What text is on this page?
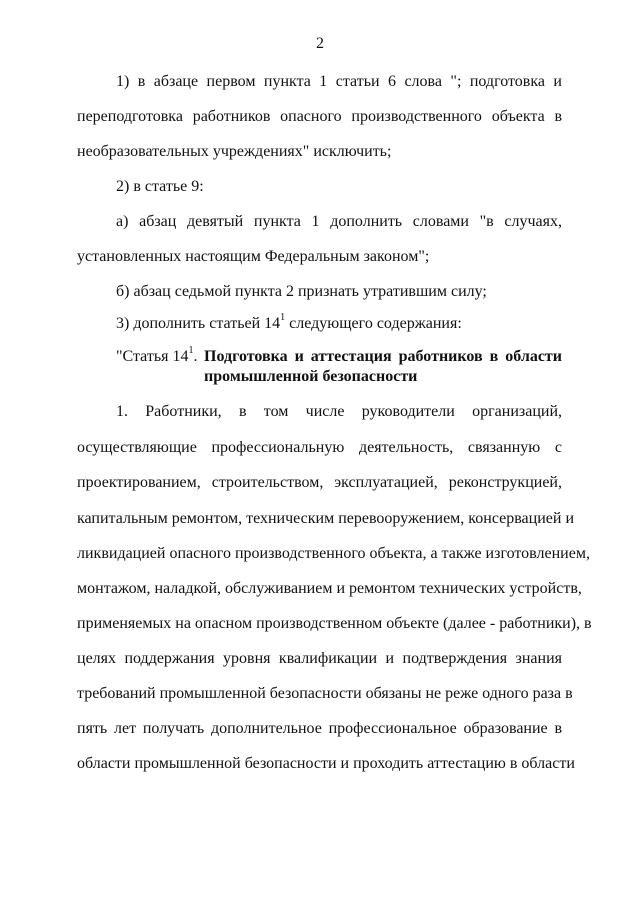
2
1) в абзаце первом пункта 1 статьи 6 слова "; подготовка и
переподготовка работников опасного производственного объекта в
необразовательных учреждениях" исключить;
2) в статье 9:
а) абзац девятый пункта 1 дополнить словами "в случаях,
установленных настоящим Федеральным законом";
б) абзац седьмой пункта 2 признать утратившим силу;
3) дополнить статьей $14^1$ следующего содержания:
"Статья $14^1$. Подготовка и аттестация работников в области
промышленной безопасности
1. Работники, в том числе руководители организаций,
осуществляющие профессиональную деятельность, связанную с
проектированием, строительством, эксплуатацией, реконструкцией,
капитальным ремонтом, техническим перевооружением, консервацией и
ликвидацией опасного производственного объекта, а также изготовлением,
монтажом, наладкой, обслуживанием и ремонтом технических устройств,
применяемых на опасном производственном объекте (далее - работники), в
целях поддержания уровня квалификации и подтверждения знания
требований промышленной безопасности обязаны не реже одного раза в
пять лет получать дополнительное профессиональное образование в
области промышленной безопасности и проходить аттестацию в области
